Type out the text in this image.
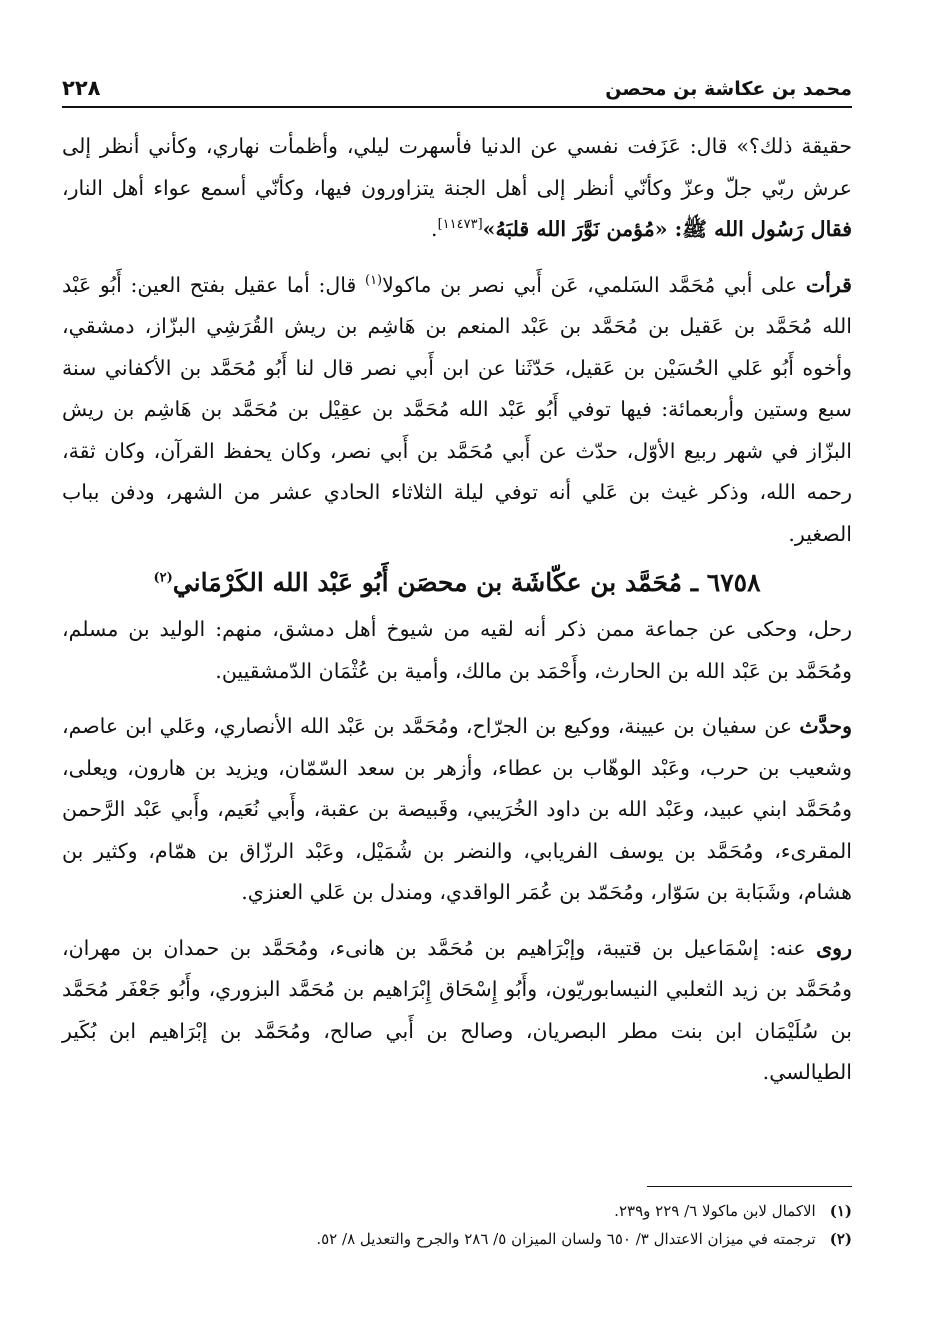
محمد بن عكاشة بن محصن
٢٢٨

حقيقة ذلك؟» قال: عَزَفت نفسي عن الدنيا فأسهرت ليلي، وأظمأت نهاري، وكأني أنظر إلى عرش ربّي جلّ وعزّ وكأنّي أنظر إلى أهل الجنة يتزاورون فيها، وكأنّي أسمع عواء أهل النار، فقال رَسُول الله ﷺ: «مُؤمن نَوَّرَ الله قلبَهُ»[١١٤٧٣].

قرأت على أبي مُحَمَّد السَلمي، عَن أَبي نصر بن ماكولا$^{(١)}$ قال: أما عقيل بفتح العين: أَبُو عَبْد الله مُحَمَّد بن عَقيل بن مُحَمَّد بن عَبْد المنعم بن هَاشِم بن ريش القُرَشِي البزّاز، دمشقي، وأخوه أَبُو عَلي الحُسَيْن بن عَقيل، حَدّثَنا عن ابن أَبي نصر قال لنا أَبُو مُحَمَّد بن الأكفاني سنة سبع وستين وأربعمائة: فيها توفي أَبُو عَبْد الله مُحَمَّد بن عقِيْل بن مُحَمَّد بن هَاشِم بن ريش البزّاز في شهر ربيع الأوّل، حدّث عن أَبي مُحَمَّد بن أَبي نصر، وكان يحفظ القرآن، وكان ثقة، رحمه الله، وذكر غيث بن عَلي أنه توفي ليلة الثلاثاء الحادي عشر من الشهر، ودفن بباب الصغير.

٦٧٥٨ ـ مُحَمَّد بن عكّاشَة بن محصَن أَبُو عَبْد الله الكَرْمَاني$^{(٢)}$

رحل، وحكى عن جماعة ممن ذكر أنه لقيه من شيوخ أهل دمشق، منهم: الوليد بن مسلم، ومُحَمَّد بن عَبْد الله بن الحارث، وأَحْمَد بن مالك، وأمية بن عُثْمَان الدّمشقيين.

وحدَّث عن سفيان بن عيينة، ووكيع بن الجرّاح، ومُحَمَّد بن عَبْد الله الأنصاري، وعَلي ابن عاصم، وشعيب بن حرب، وعَبْد الوهّاب بن عطاء، وأزهر بن سعد السّمّان، ويزيد بن هارون، ويعلى، ومُحَمَّد ابني عبيد، وعَبْد الله بن داود الخُرَيبي، وقَبيصة بن عقبة، وأَبي نُعَيم، وأَبي عَبْد الرَّحمن المقرىء، ومُحَمَّد بن يوسف الفريابي، والنضر بن شُمَيْل، وعَبْد الرزّاق بن همّام، وكثير بن هشام، وشَبَابة بن سَوّار، ومُحَمّد بن عُمَر الواقدي، ومندل بن عَلي العنزي.

روى عنه: إسْمَاعيل بن قتيبة، وإبْرَاهيم بن مُحَمَّد بن هانىء، ومُحَمَّد بن حمدان بن مهران، ومُحَمَّد بن زيد الثعلبي النيسابوريّون، وأَبُو إِسْحَاق إِبْرَاهيم بن مُحَمَّد البزوري، وأَبُو جَعْفَر مُحَمَّد بن سُلَيْمَان ابن بنت مطر البصريان، وصالح بن أَبي صالح، ومُحَمَّد بن إبْرَاهيم ابن بُكَير الطيالسي.

(١)
الاكمال لابن ماكولا ٦/ ٢٢٩ و٢٣٩.
(٢)
ترجمته في ميزان الاعتدال ٣/ ٦٥٠ ولسان الميزان ٥/ ٢٨٦ والجرح والتعديل ٨/ ٥٢.
